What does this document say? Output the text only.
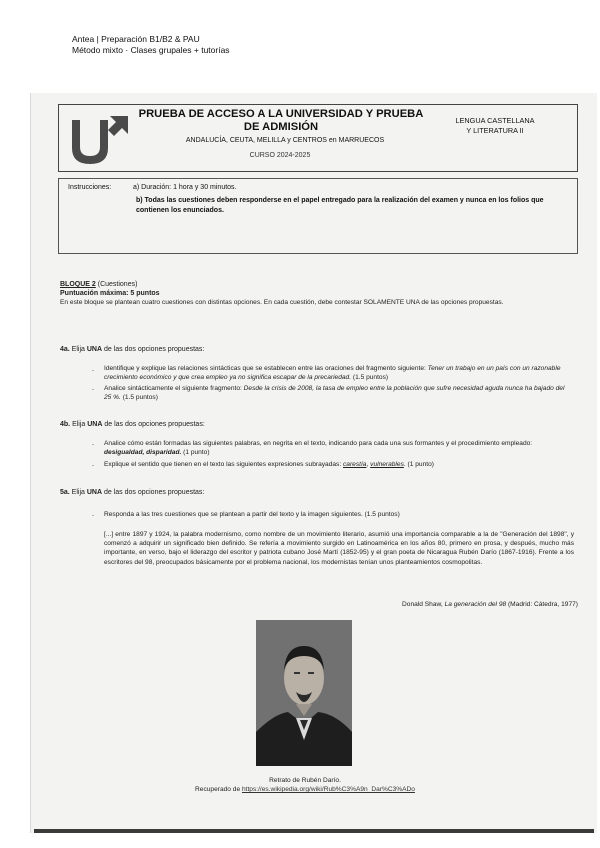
Antea | Preparación B1/B2 & PAU
Método mixto · Clases grupales + tutorías
PRUEBA DE ACCESO A LA UNIVERSIDAD Y PRUEBA DE ADMISIÓN
ANDALUCÍA, CEUTA, MELILLA y CENTROS en MARRUECOS
CURSO 2024-2025
LENGUA CASTELLANA
Y LITERATURA II
Instrucciones:	a) Duración: 1 hora y 30 minutos.
b) Todas las cuestiones deben responderse en el papel entregado para la realización del examen y nunca en los folios que contienen los enunciados.
BLOQUE 2 (Cuestiones)
Puntuación máxima: 5 puntos
En este bloque se plantean cuatro cuestiones con distintas opciones. En cada cuestión, debe contestar SOLAMENTE UNA de las opciones propuestas.
4a. Elija UNA de las dos opciones propuestas:
- Identifique y explique las relaciones sintácticas que se establecen entre las oraciones del fragmento siguiente: Tener un trabajo en un país con un razonable crecimiento económico y que crea empleo ya no significa escapar de la precariedad. (1.5 puntos)
- Analice sintácticamente el siguiente fragmento: Desde la crisis de 2008, la tasa de empleo entre la población que sufre necesidad aguda nunca ha bajado del 25 %. (1.5 puntos)
4b. Elija UNA de las dos opciones propuestas:
- Analice cómo están formadas las siguientes palabras, en negrita en el texto, indicando para cada una sus formantes y el procedimiento empleado: desigualdad, disparidad. (1 punto)
- Explique el sentido que tienen en el texto las siguientes expresiones subrayadas: carestía, vulnerables. (1 punto)
5a. Elija UNA de las dos opciones propuestas:
- Responda a las tres cuestiones que se plantean a partir del texto y la imagen siguientes. (1.5 puntos)
[...] entre 1897 y 1924, la palabra modernismo, como nombre de un movimiento literario, asumió una importancia comparable a la de "Generación del 1898", y comenzó a adquirir un significado bien definido. Se refería a movimiento surgido en Latinoamérica en los años 80, primero en prosa, y después, mucho más importante, en verso, bajo el liderazgo del escritor y patriota cubano José Martí (1852-95) y el gran poeta de Nicaragua Rubén Darío (1867-1916). Frente a los escritores del 98, preocupados básicamente por el problema nacional, los modernistas tenían unos planteamientos cosmopolitas.
Donald Shaw, La generación del 98 (Madrid: Cátedra, 1977)
Retrato de Rubén Darío.
Recuperado de https://es.wikipedia.org/wiki/Rub%C3%A9n_Dar%C3%ADo
